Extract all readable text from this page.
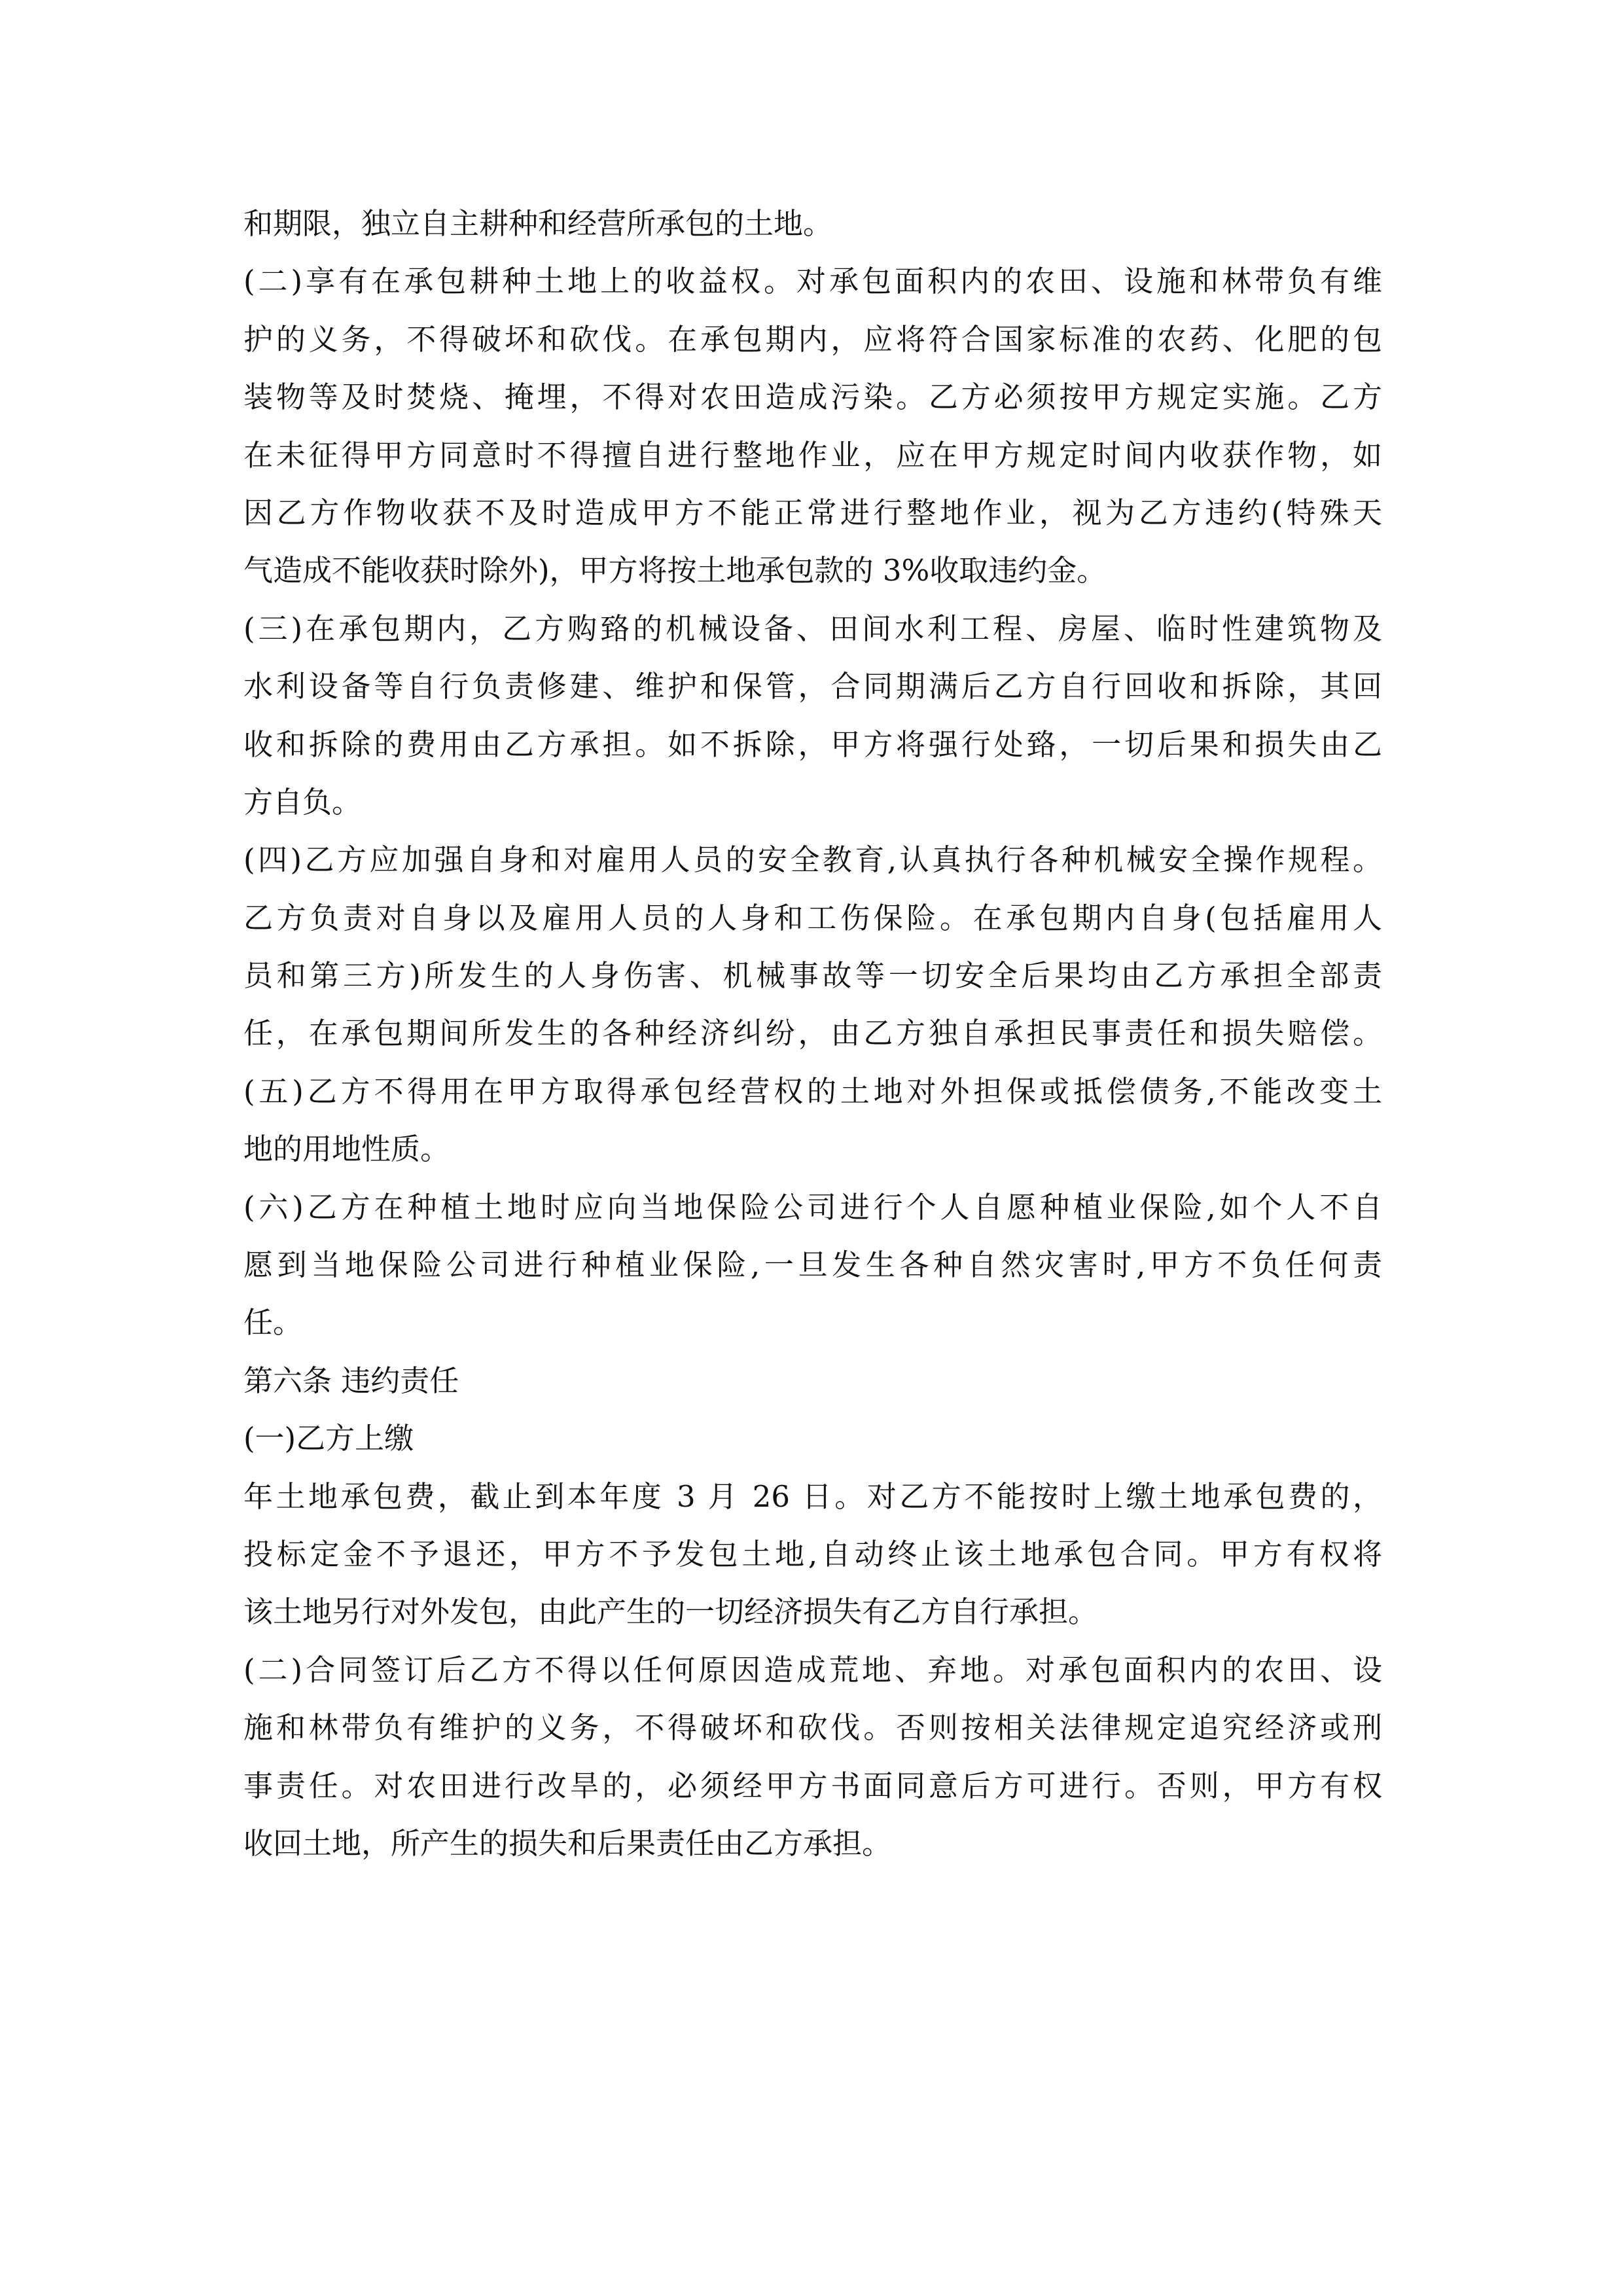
和期限，独立自主耕种和经营所承包的土地。
(二)享有在承包耕种土地上的收益权。对承包面积内的农田、设施和林带负有维
护的义务，不得破坏和砍伐。在承包期内，应将符合国家标准的农药、化肥的包
装物等及时焚烧、掩埋，不得对农田造成污染。乙方必须按甲方规定实施。乙方
在未征得甲方同意时不得擅自进行整地作业，应在甲方规定时间内收获作物，如
因乙方作物收获不及时造成甲方不能正常进行整地作业，视为乙方违约(特殊天
气造成不能收获时除外)，甲方将按土地承包款的 3%收取违约金。
(三)在承包期内，乙方购臵的机械设备、田间水利工程、房屋、临时性建筑物及
水利设备等自行负责修建、维护和保管，合同期满后乙方自行回收和拆除，其回
收和拆除的费用由乙方承担。如不拆除，甲方将强行处臵，一切后果和损失由乙
方自负。
(四)乙方应加强自身和对雇用人员的安全教育,认真执行各种机械安全操作规程。
乙方负责对自身以及雇用人员的人身和工伤保险。在承包期内自身(包括雇用人
员和第三方)所发生的人身伤害、机械事故等一切安全后果均由乙方承担全部责
任，在承包期间所发生的各种经济纠纷，由乙方独自承担民事责任和损失赔偿。
(五)乙方不得用在甲方取得承包经营权的土地对外担保或抵偿债务,不能改变土
地的用地性质。
(六)乙方在种植土地时应向当地保险公司进行个人自愿种植业保险,如个人不自
愿到当地保险公司进行种植业保险,一旦发生各种自然灾害时,甲方不负任何责
任。
第六条 违约责任
(一)乙方上缴
年土地承包费，截止到本年度 3 月 26 日。对乙方不能按时上缴土地承包费的，
投标定金不予退还，甲方不予发包土地,自动终止该土地承包合同。甲方有权将
该土地另行对外发包，由此产生的一切经济损失有乙方自行承担。
(二)合同签订后乙方不得以任何原因造成荒地、弃地。对承包面积内的农田、设
施和林带负有维护的义务，不得破坏和砍伐。否则按相关法律规定追究经济或刑
事责任。对农田进行改旱的，必须经甲方书面同意后方可进行。否则，甲方有权
收回土地，所产生的损失和后果责任由乙方承担。
